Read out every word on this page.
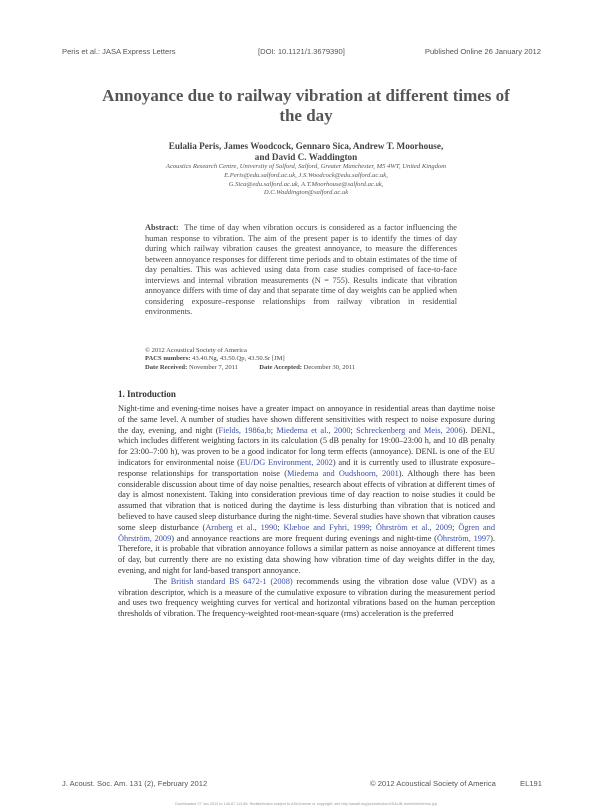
Peris et al.: JASA Express Letters	[DOI: 10.1121/1.3679390]	Published Online 26 January 2012
Annoyance due to railway vibration at different times of the day
Eulalia Peris, James Woodcock, Gennaro Sica, Andrew T. Moorhouse,
and David C. Waddington
Acoustics Research Centre, University of Salford, Salford, Greater Manchester, M5 4WT, United Kingdom
E.Peris@edu.salford.ac.uk, J.S.Woodcock@edu.salford.ac.uk,
G.Sica@edu.salford.ac.uk, A.T.Moorhouse@salford.ac.uk,
D.C.Waddington@salford.ac.uk
Abstract: The time of day when vibration occurs is considered as a factor influencing the human response to vibration. The aim of the present paper is to identify the times of day during which railway vibration causes the greatest annoyance, to measure the differences between annoyance responses for different time periods and to obtain estimates of the time of day penalties. This was achieved using data from case studies comprised of face-to-face interviews and internal vibration measurements (N = 755). Results indicate that vibration annoyance differs with time of day and that separate time of day weights can be applied when considering exposure–response relationships from railway vibration in residential environments.
© 2012 Acoustical Society of America
PACS numbers: 43.40.Ng, 43.50.Qp, 43.50.Sr [JM]
Date Received: November 7, 2011	Date Accepted: December 30, 2011
1. Introduction

Night-time and evening-time noises have a greater impact on annoyance in residential areas than daytime noise of the same level. A number of studies have shown different sensitivities with respect to noise exposure during the day, evening, and night (Fields, 1986a,b; Miedema et al., 2000; Schreckenberg and Meis, 2006). DENL, which includes different weighting factors in its calculation (5 dB penalty for 19:00–23:00 h, and 10 dB penalty for 23:00–7:00 h), was proven to be a good indicator for long term effects (annoyance). DENL is one of the EU indicators for environmental noise (EU/DG Environment, 2002) and it is currently used to illustrate exposure–response relationships for transportation noise (Miedema and Oudshoorn, 2001). Although there has been considerable discussion about time of day noise penalties, research about effects of vibration at different times of day is almost nonexistent. Taking into consideration previous time of day reaction to noise studies it could be assumed that vibration that is noticed during the daytime is less disturbing than vibration that is noticed and believed to have caused sleep disturbance during the night-time. Several studies have shown that vibration causes some sleep disturbance (Arnberg et al., 1990; Klæboe and Fyhri, 1999; Öhrström et al., 2009; Ögren and Öhrström, 2009) and annoyance reactions are more frequent during evenings and night-time (Öhrström, 1997). Therefore, it is probable that vibration annoyance follows a similar pattern as noise annoyance at different times of day, but currently there are no existing data showing how vibration time of day weights differ in the day, evening, and night for land-based transport annoyance.

The British standard BS 6472-1 (2008) recommends using the vibration dose value (VDV) as a vibration descriptor, which is a measure of the cumulative exposure to vibration during the measurement period and uses two frequency weighting curves for vertical and horizontal vibrations based on the human perception thresholds of vibration. The frequency-weighted root-mean-square (rms) acceleration is the preferred

J. Acoust. Soc. Am. 131 (2), February 2012	© 2012 Acoustical Society of America	EL191
Downloaded 27 Jan 2012 to 146.87.113.86. Redistribution subject to ASA license or copyright; see http://asadl.org/journals/doc/ASALIB-home/info/terms.jsp
